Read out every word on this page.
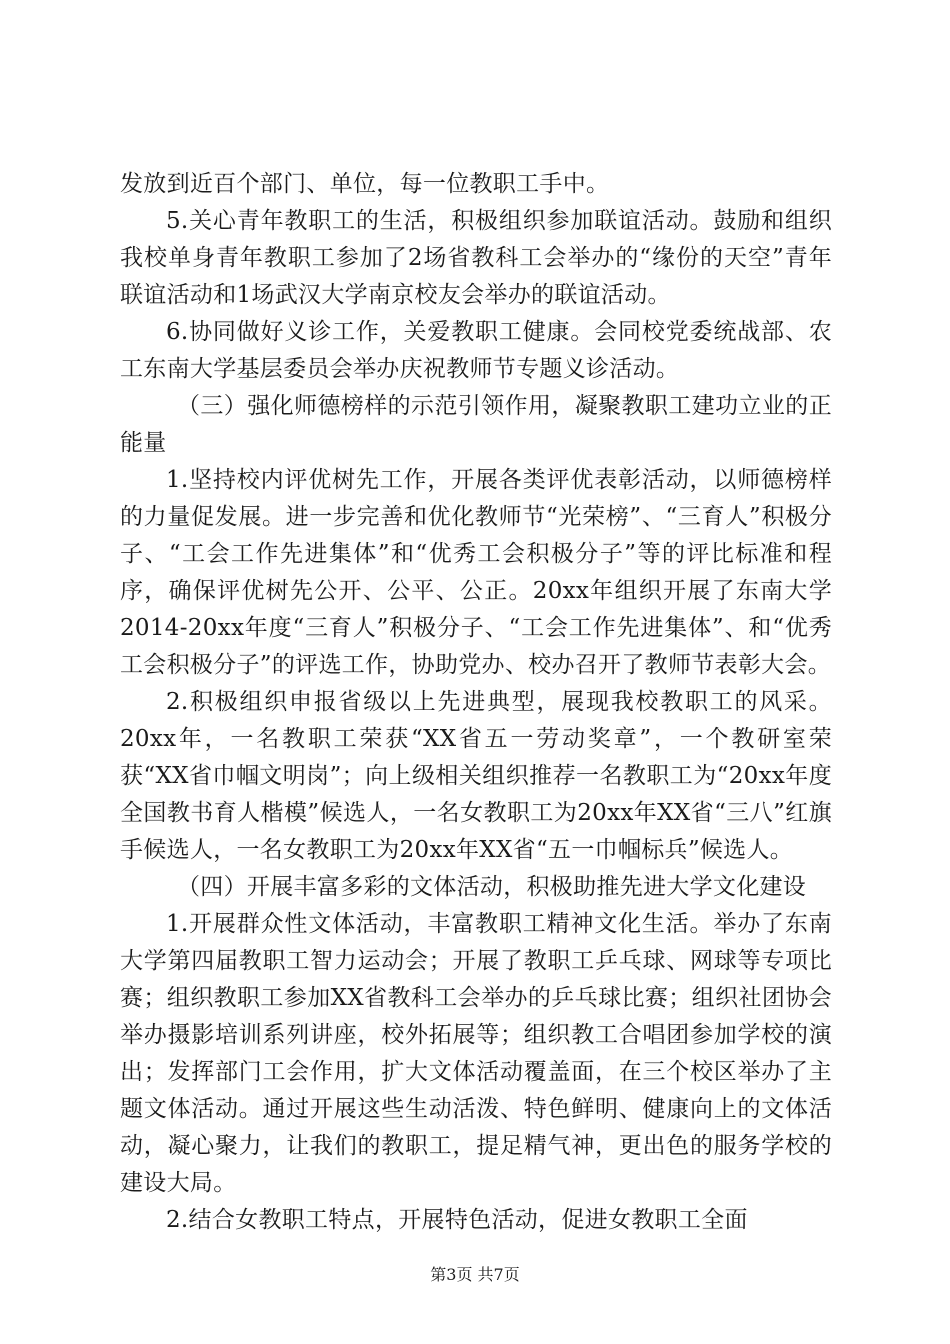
发放到近百个部门、单位，每一位教职工手中。

5.关心青年教职工的生活，积极组织参加联谊活动。鼓励和组织我校单身青年教职工参加了2场省教科工会举办的“缘份的天空”青年联谊活动和1场武汉大学南京校友会举办的联谊活动。

6.协同做好义诊工作，关爱教职工健康。会同校党委统战部、农工东南大学基层委员会举办庆祝教师节专题义诊活动。

（三）强化师德榜样的示范引领作用，凝聚教职工建功立业的正能量

1.坚持校内评优树先工作，开展各类评优表彰活动，以师德榜样的力量促发展。进一步完善和优化教师节“光荣榜”、“三育人”积极分子、“工会工作先进集体”和“优秀工会积极分子”等的评比标准和程序，确保评优树先公开、公平、公正。20xx年组织开展了东南大学2014-20xx年度“三育人”积极分子、“工会工作先进集体”、和“优秀工会积极分子”的评选工作，协助党办、校办召开了教师节表彰大会。

2.积极组织申报省级以上先进典型，展现我校教职工的风采。20xx年，一名教职工荣获“XX省五一劳动奖章”，一个教研室荣获“XX省巾帼文明岗”；向上级相关组织推荐一名教职工为“20xx年度全国教书育人楷模”候选人，一名女教职工为20xx年XX省“三八”红旗手候选人，一名女教职工为20xx年XX省“五一巾帼标兵”候选人。

（四）开展丰富多彩的文体活动，积极助推先进大学文化建设

1.开展群众性文体活动，丰富教职工精神文化生活。举办了东南大学第四届教职工智力运动会；开展了教职工乒乓球、网球等专项比赛；组织教职工参加XX省教科工会举办的乒乓球比赛；组织社团协会举办摄影培训系列讲座，校外拓展等；组织教工合唱团参加学校的演出；发挥部门工会作用，扩大文体活动覆盖面，在三个校区举办了主题文体活动。通过开展这些生动活泼、特色鲜明、健康向上的文体活动，凝心聚力，让我们的教职工，提足精气神，更出色的服务学校的建设大局。

2.结合女教职工特点，开展特色活动，促进女教职工全面

第3页 共7页
